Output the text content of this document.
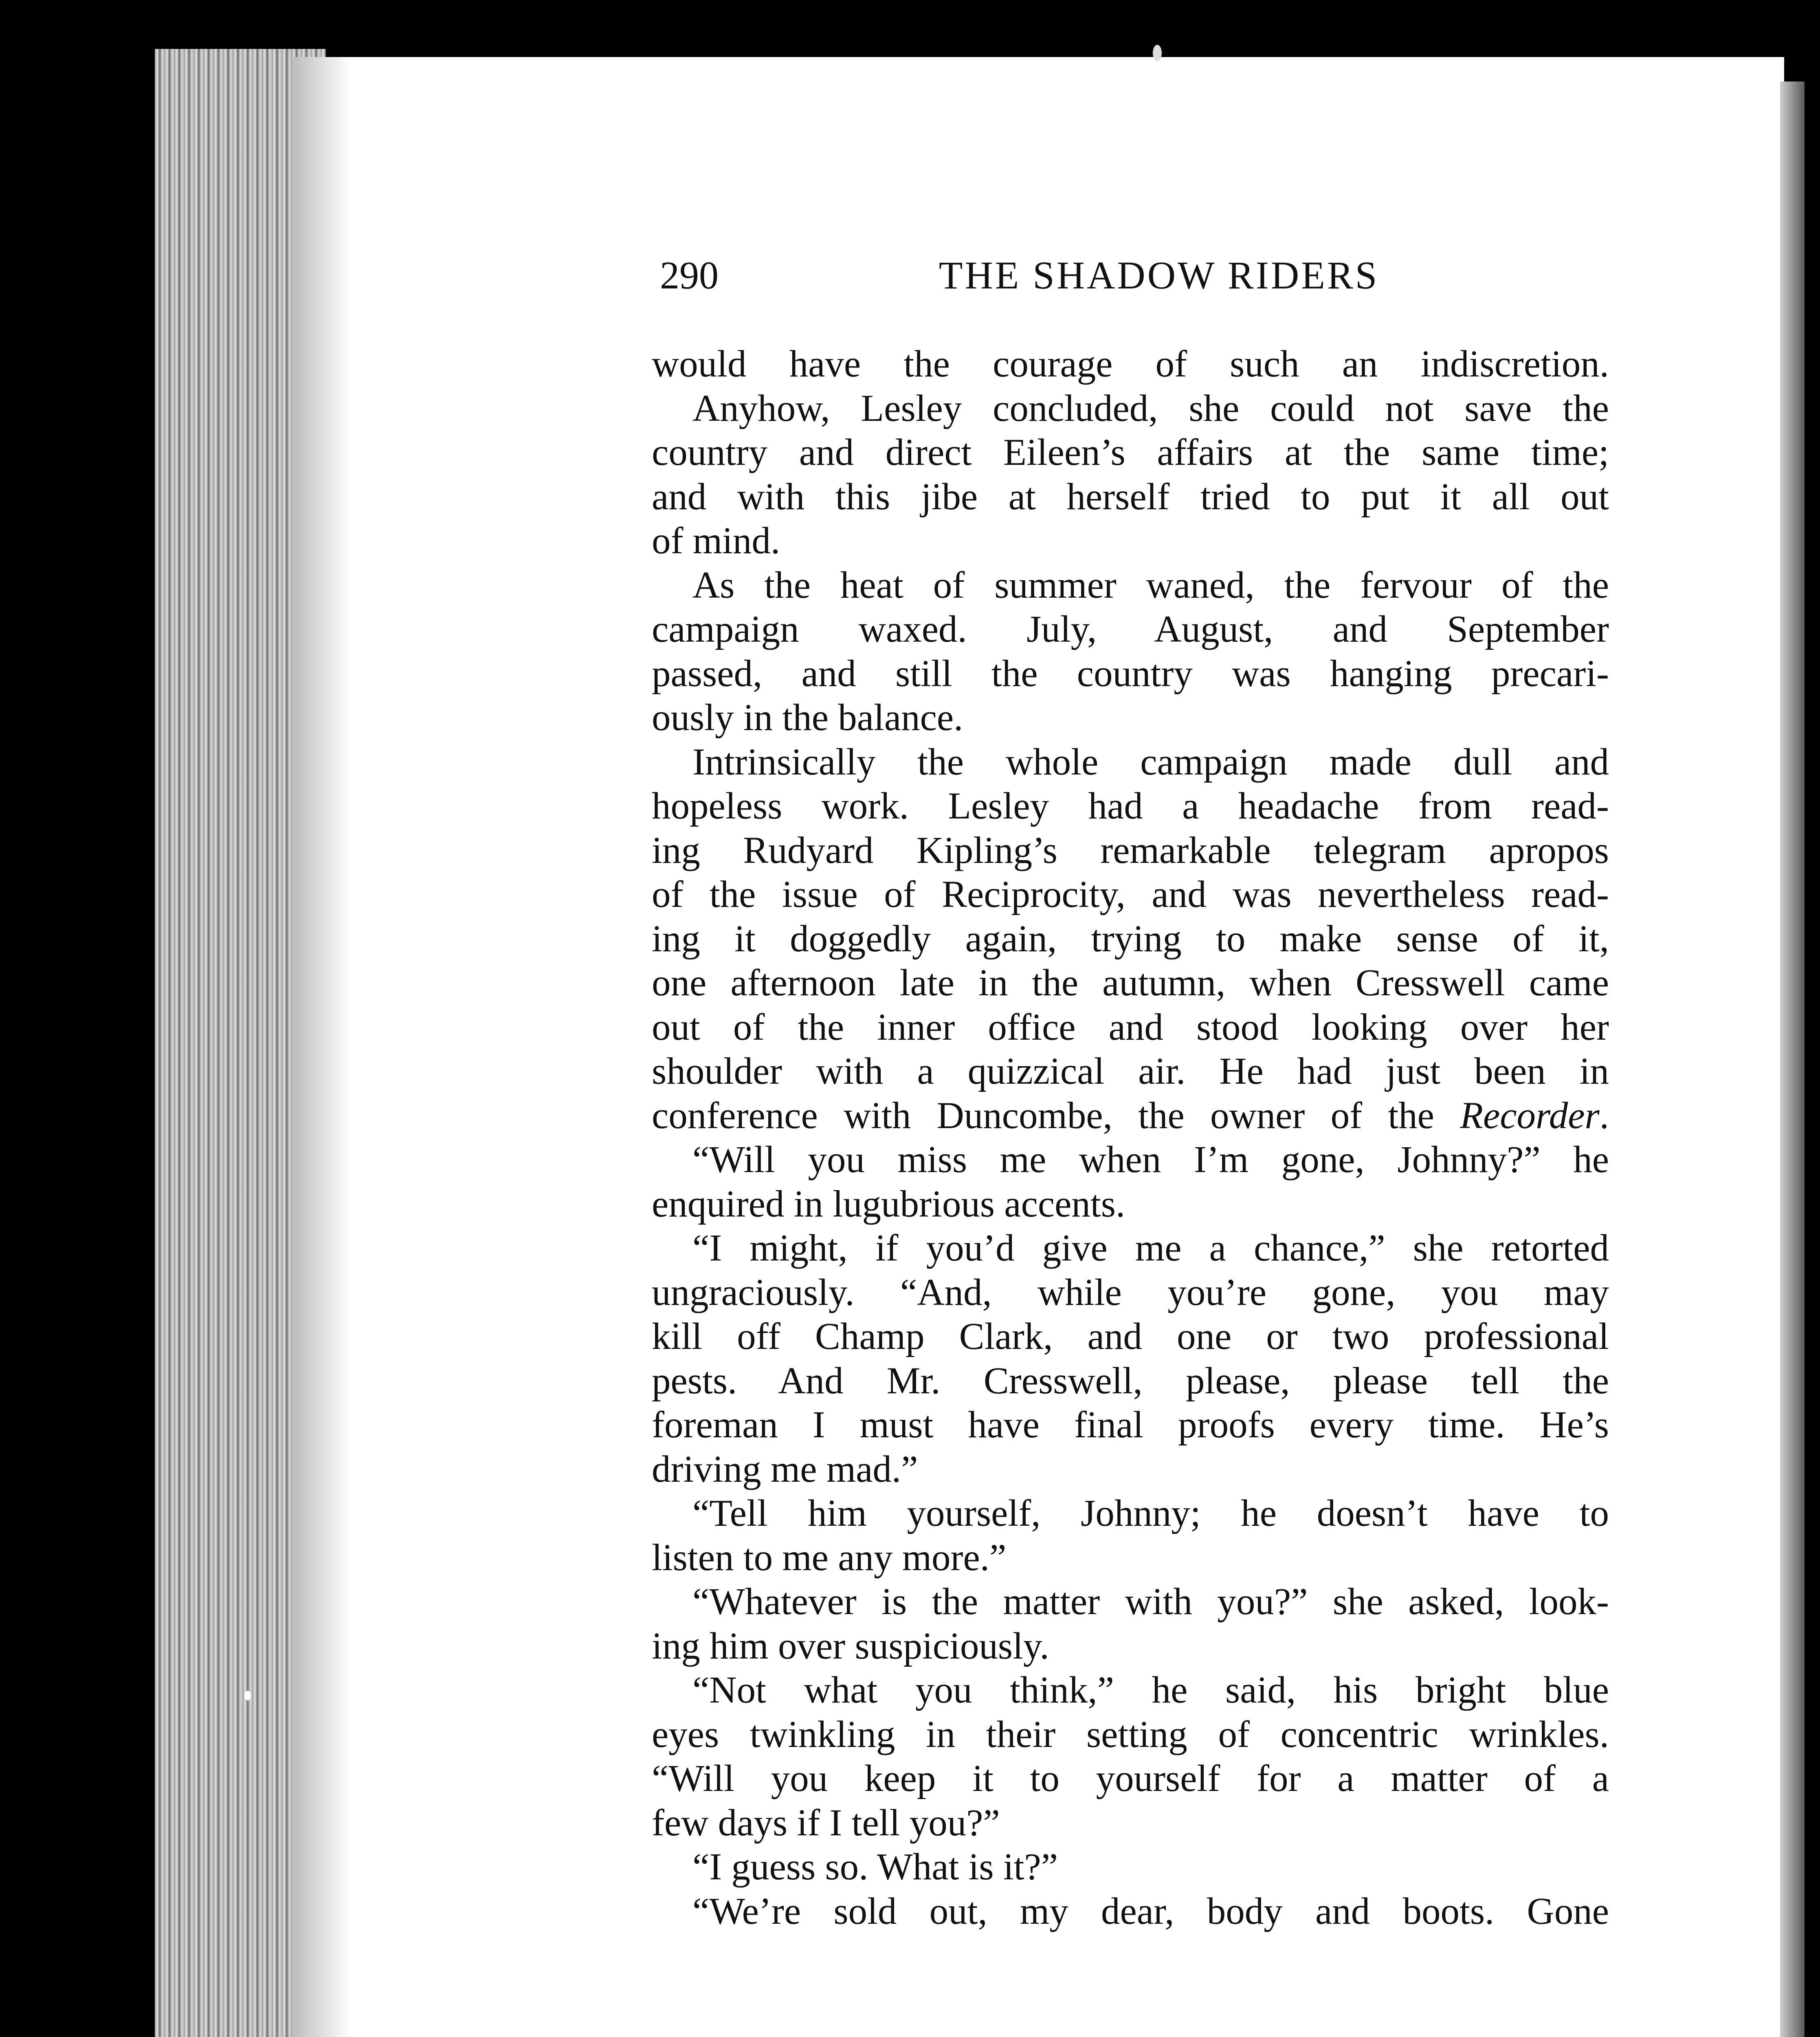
290	THE SHADOW RIDERS
would have the courage of such an indiscretion.
Anyhow, Lesley concluded, she could not save the
country and direct Eileen’s affairs at the same time;
and with this jibe at herself tried to put it all out
of mind.
As the heat of summer waned, the fervour of the
campaign waxed. July, August, and September
passed, and still the country was hanging precari-
ously in the balance.
Intrinsically the whole campaign made dull and
hopeless work. Lesley had a headache from read-
ing Rudyard Kipling’s remarkable telegram apropos
of the issue of Reciprocity, and was nevertheless read-
ing it doggedly again, trying to make sense of it,
one afternoon late in the autumn, when Cresswell came
out of the inner office and stood looking over her
shoulder with a quizzical air. He had just been in
conference with Duncombe, the owner of the Recorder.
“Will you miss me when I’m gone, Johnny?” he
enquired in lugubrious accents.
“I might, if you’d give me a chance,” she retorted
ungraciously. “And, while you’re gone, you may
kill off Champ Clark, and one or two professional
pests. And Mr. Cresswell, please, please tell the
foreman I must have final proofs every time. He’s
driving me mad.”
“Tell him yourself, Johnny; he doesn’t have to
listen to me any more.”
“Whatever is the matter with you?” she asked, look-
ing him over suspiciously.
“Not what you think,” he said, his bright blue
eyes twinkling in their setting of concentric wrinkles.
“Will you keep it to yourself for a matter of a
few days if I tell you?”
“I guess so. What is it?”
“We’re sold out, my dear, body and boots. Gone
